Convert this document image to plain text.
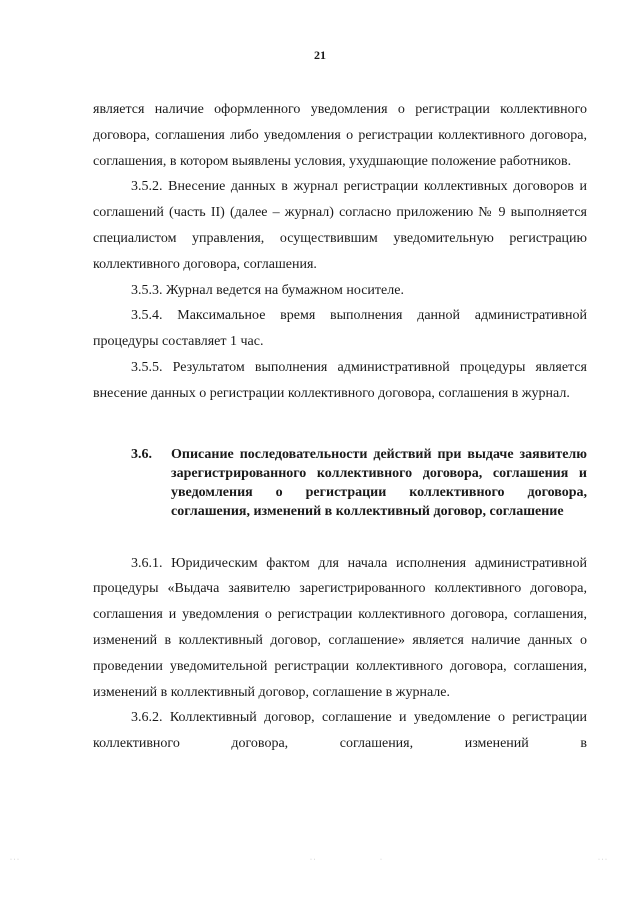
21

является наличие оформленного уведомления о регистрации коллективного договора, соглашения либо уведомления о регистрации коллективного договора, соглашения, в котором выявлены условия, ухудшающие положение работников.

3.5.2. Внесение данных в журнал регистрации коллективных договоров и соглашений (часть II) (далее – журнал) согласно приложению № 9 выполняется специалистом управления, осуществившим уведомительную регистрацию коллективного договора, соглашения.

3.5.3. Журнал ведется на бумажном носителе.

3.5.4. Максимальное время выполнения данной административной процедуры составляет 1 час.

3.5.5. Результатом выполнения административной процедуры является внесение данных о регистрации коллективного договора, соглашения в журнал.

3.6.	Описание последовательности действий при выдаче заявителю зарегистрированного коллективного договора, соглашения и уведомления о регистрации коллективного договора, соглашения, изменений в коллективный договор, соглашение

3.6.1. Юридическим фактом для начала исполнения административной процедуры «Выдача заявителю зарегистрированного коллективного договора, соглашения и уведомления о регистрации коллективного договора, соглашения, изменений в коллективный договор, соглашение» является наличие данных о проведении уведомительной регистрации коллективного договора, соглашения, изменений в коллективный договор, соглашение в журнале.

3.6.2. Коллективный договор, соглашение и уведомление о регистрации коллективного договора, соглашения, изменений в

· · ·	· ·	·	· · ·
